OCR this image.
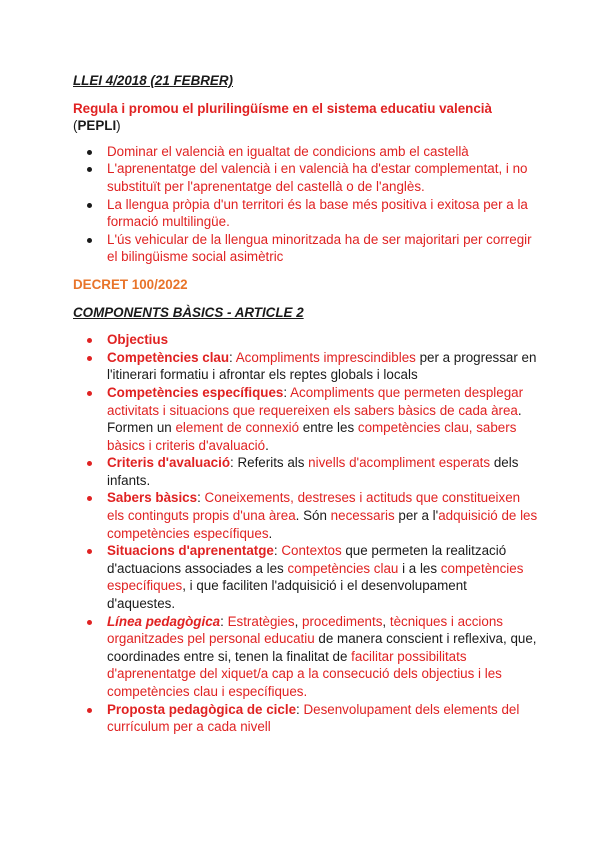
LLEI 4/2018 (21 FEBRER)

Regula i promou el plurilingüísme en el sistema educatiu valencià (PEPLI)

Dominar el valencià en igualtat de condicions amb el castellà
L'aprenentatge del valencià i en valencià ha d'estar complementat, i no substituït per l'aprenentatge del castellà o de l'anglès.
La llengua pròpia d'un territori és la base més positiva i exitosa per a la formació multilingüe.
L'ús vehicular de la llengua minoritzada ha de ser majoritari per corregir el bilingüisme social asimètric

DECRET 100/2022

COMPONENTS BÀSICS - ARTICLE 2

Objectius
Competències clau: Acompliments imprescindibles per a progressar en l'itinerari formatiu i afrontar els reptes globals i locals
Competències específiques: Acompliments que permeten desplegar activitats i situacions que requereixen els sabers bàsics de cada àrea. Formen un element de connexió entre les competències clau, sabers bàsics i criteris d'avaluació.
Criteris d'avaluació: Referits als nivells d'acompliment esperats dels infants.
Sabers bàsics: Coneixements, destreses i actituds que constitueixen els continguts propis d'una àrea. Són necessaris per a l'adquisició de les competències específiques.
Situacions d'aprenentatge: Contextos que permeten la realització d'actuacions associades a les competències clau i a les competències específiques, i que faciliten l'adquisició i el desenvolupament d'aquestes.
Línea pedagògica: Estratègies, procediments, tècniques i accions organitzades pel personal educatiu de manera conscient i reflexiva, que, coordinades entre si, tenen la finalitat de facilitar possibilitats d'aprenentatge del xiquet/a cap a la consecució dels objectius i les competències clau i específiques.
Proposta pedagògica de cicle: Desenvolupament dels elements del currículum per a cada nivell
